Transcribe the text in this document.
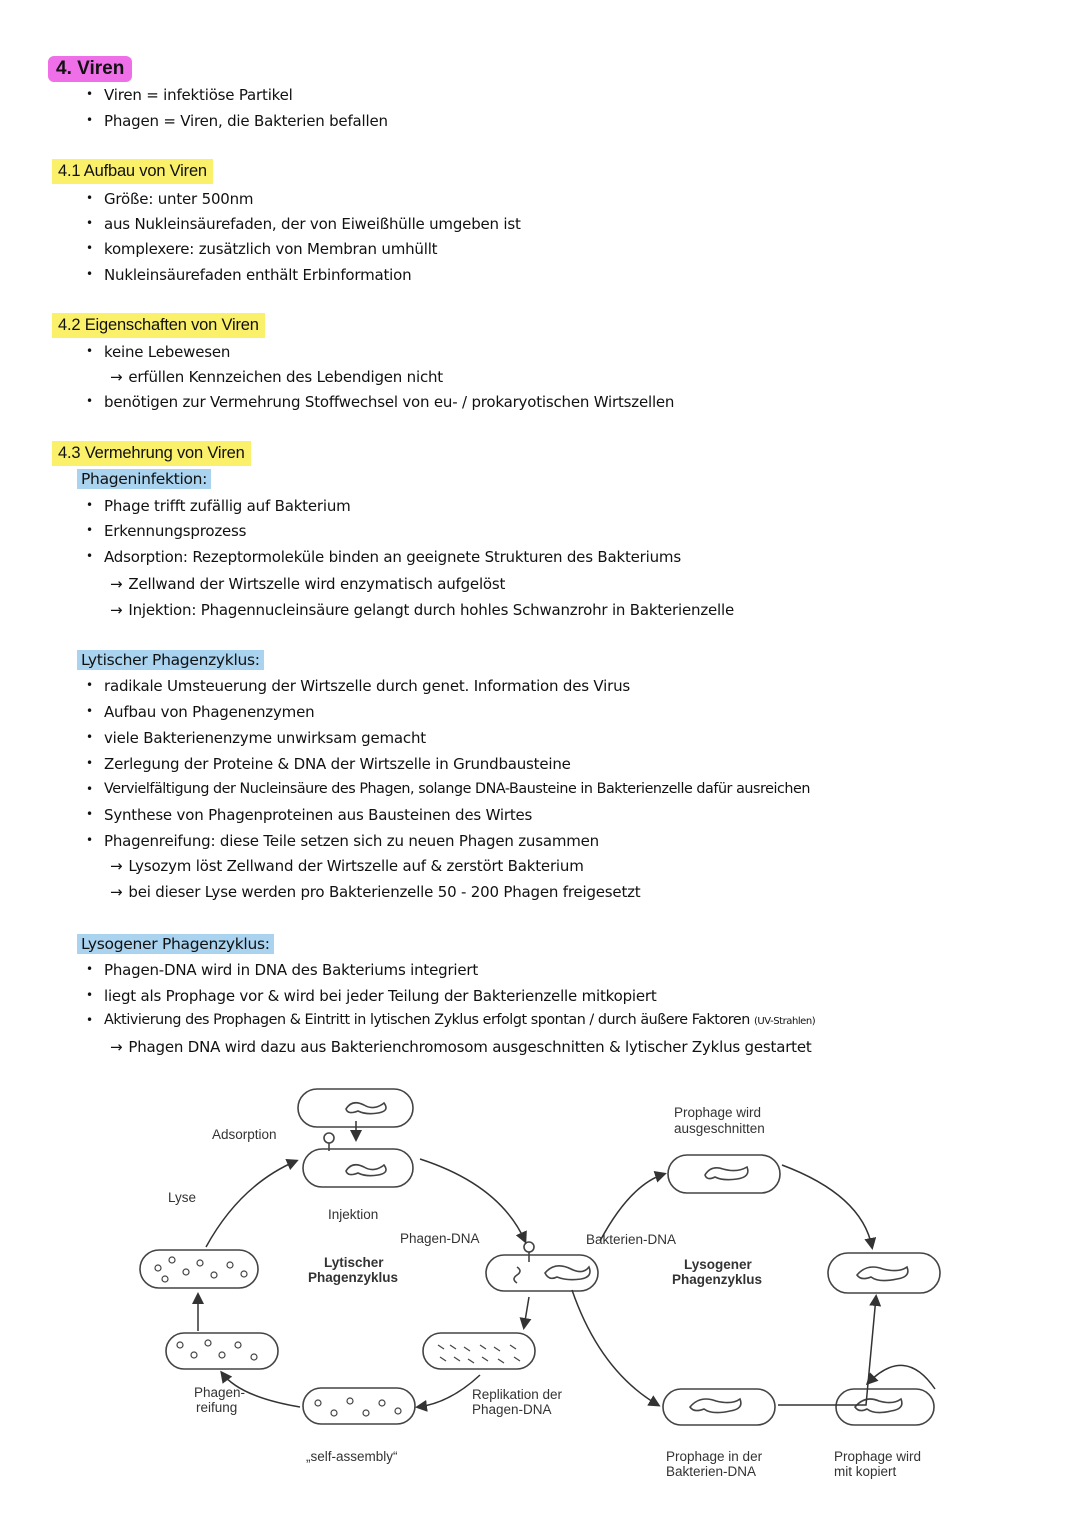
4. Viren
• Viren = infektiöse Partikel
• Phagen = Viren, die Bakterien befallen
4.1 Aufbau von Viren
• Größe: unter 500nm
• aus Nukleinsäurefaden, der von Eiweißhülle umgeben ist
• komplexere: zusätzlich von Membran umhüllt
• Nukleinsäurefaden enthält Erbinformation
4.2 Eigenschaften von Viren
• keine Lebewesen
→ erfüllen Kennzeichen des Lebendigen nicht
• benötigen zur Vermehrung Stoffwechsel von eu- / prokaryotischen Wirtszellen
4.3 Vermehrung von Viren
Phageninfektion:
• Phage trifft zufällig auf Bakterium
• Erkennungsprozess
• Adsorption: Rezeptormoleküle binden an geeignete Strukturen des Bakteriums
→ Zellwand der Wirtszelle wird enzymatisch aufgelöst
→ Injektion: Phagennucleinsäure gelangt durch hohles Schwanzrohr in Bakterienzelle
Lytischer Phagenzyklus:
• radikale Umsteuerung der Wirtszelle durch genet. Information des Virus
• Aufbau von Phagenenzymen
• viele Bakterienenzyme unwirksam gemacht
• Zerlegung der Proteine & DNA der Wirtszelle in Grundbausteine
• Vervielfältigung der Nucleinsäure des Phagen, solange DNA-Bausteine in Bakterienzelle dafür ausreichen
• Synthese von Phagenproteinen aus Bausteinen des Wirtes
• Phagenreifung: diese Teile setzen sich zu neuen Phagen zusammen
→ Lysozym löst Zellwand der Wirtszelle auf & zerstört Bakterium
→ bei dieser Lyse werden pro Bakterienzelle 50 - 200 Phagen freigesetzt
Lysogener Phagenzyklus:
• Phagen-DNA wird in DNA des Bakteriums integriert
• liegt als Prophage vor & wird bei jeder Teilung der Bakterienzelle mitkopiert
• Aktivierung des Prophagen & Eintritt in lytischen Zyklus erfolgt spontan / durch äußere Faktoren (UV-Strahlen)
→ Phagen DNA wird dazu aus Bakterienchromosom ausgeschnitten & lytischer Zyklus gestartet
Adsorption
Lyse
Injektion
Phagen-DNA	Bakterien-DNA
Lytischer
Phagenzyklus
Lysogener
Phagenzyklus
Phagen-
reifung
„self-assembly“
Replikation der
Phagen-DNA
Prophage wird
ausgeschnitten
Prophage in der
Bakterien-DNA
Prophage wird
mit kopiert
